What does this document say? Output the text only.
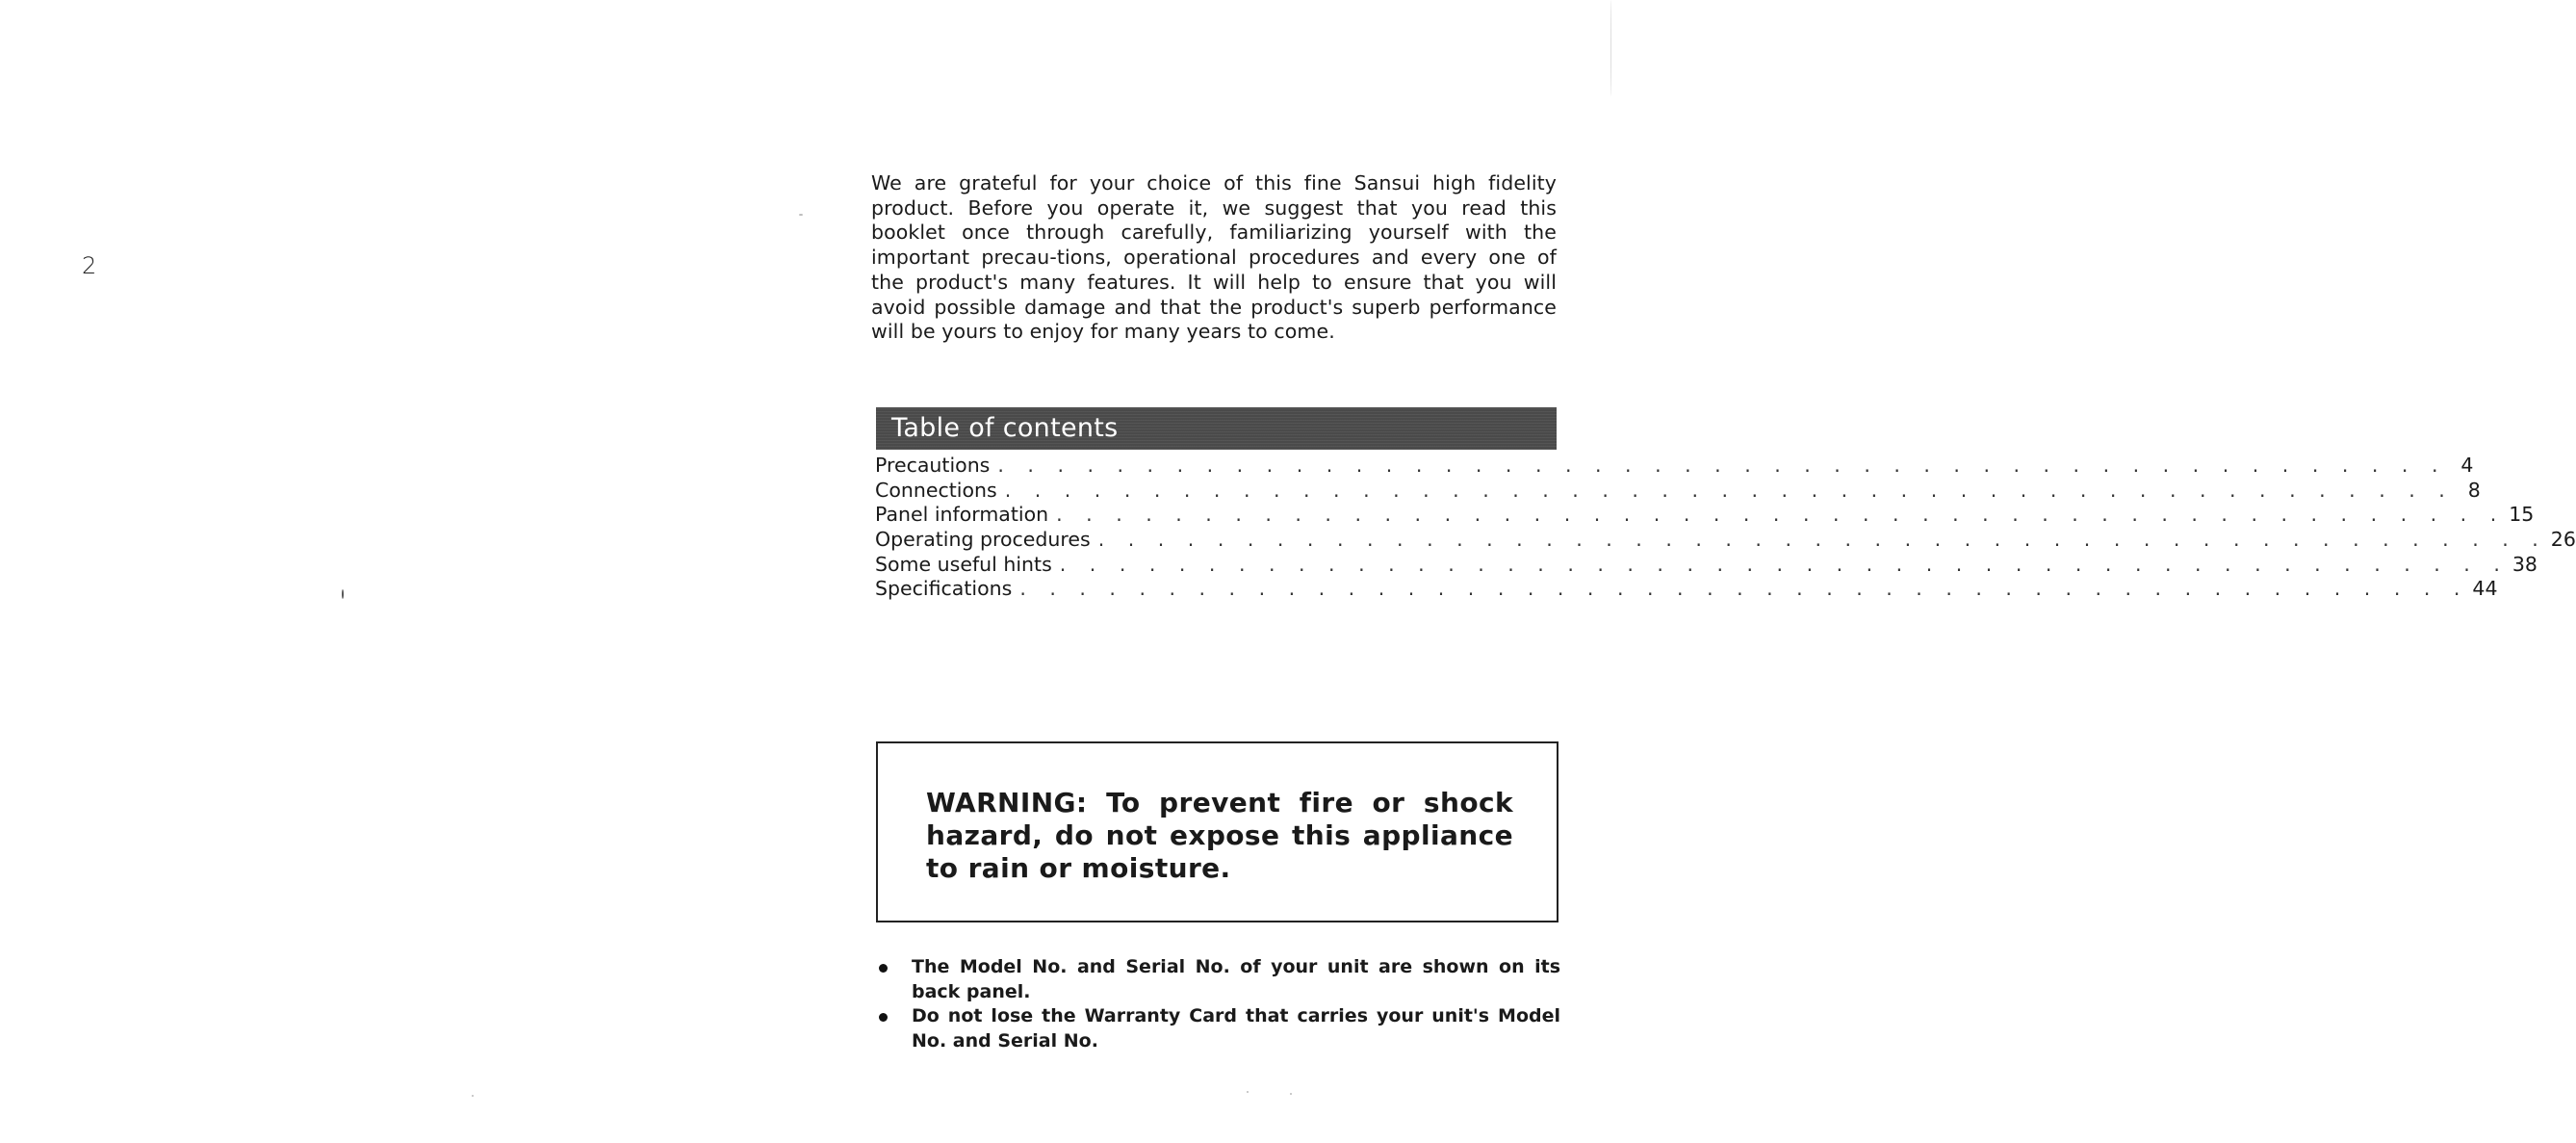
2
We are grateful for your choice of this fine Sansui high fidelity product. Before you operate it, we suggest that you read this booklet once through carefully, familiarizing yourself with the important precau-tions, operational procedures and every one of the product's many features. It will help to ensure that you will avoid possible damage and that the product's superb performance will be yours to enjoy for many years to come.
Table of contents
Precautions . . . . . . . . . . . . . . . . . . . . . . . . . . . . . . . . . . . . . . . . . . . . . . . . . 4
Connections . . . . . . . . . . . . . . . . . . . . . . . . . . . . . . . . . . . . . . . . . . . . . . . . . 8
Panel information . . . . . . . . . . . . . . . . . . . . . . . . . . . . . . . . . . . . . . . . . . . . . . . . . 15
Operating procedures . . . . . . . . . . . . . . . . . . . . . . . . . . . . . . . . . . . . . . . . . . . . . . . . . 26
Some useful hints . . . . . . . . . . . . . . . . . . . . . . . . . . . . . . . . . . . . . . . . . . . . . . . . . 38
Specifications . . . . . . . . . . . . . . . . . . . . . . . . . . . . . . . . . . . . . . . . . . . . . . . . . 44
WARNING: To prevent fire or shock hazard, do not expose this appliance to rain or moisture.
The Model No. and Serial No. of your unit are shown on its back panel.
Do not lose the Warranty Card that carries your unit's Model No. and Serial No.
